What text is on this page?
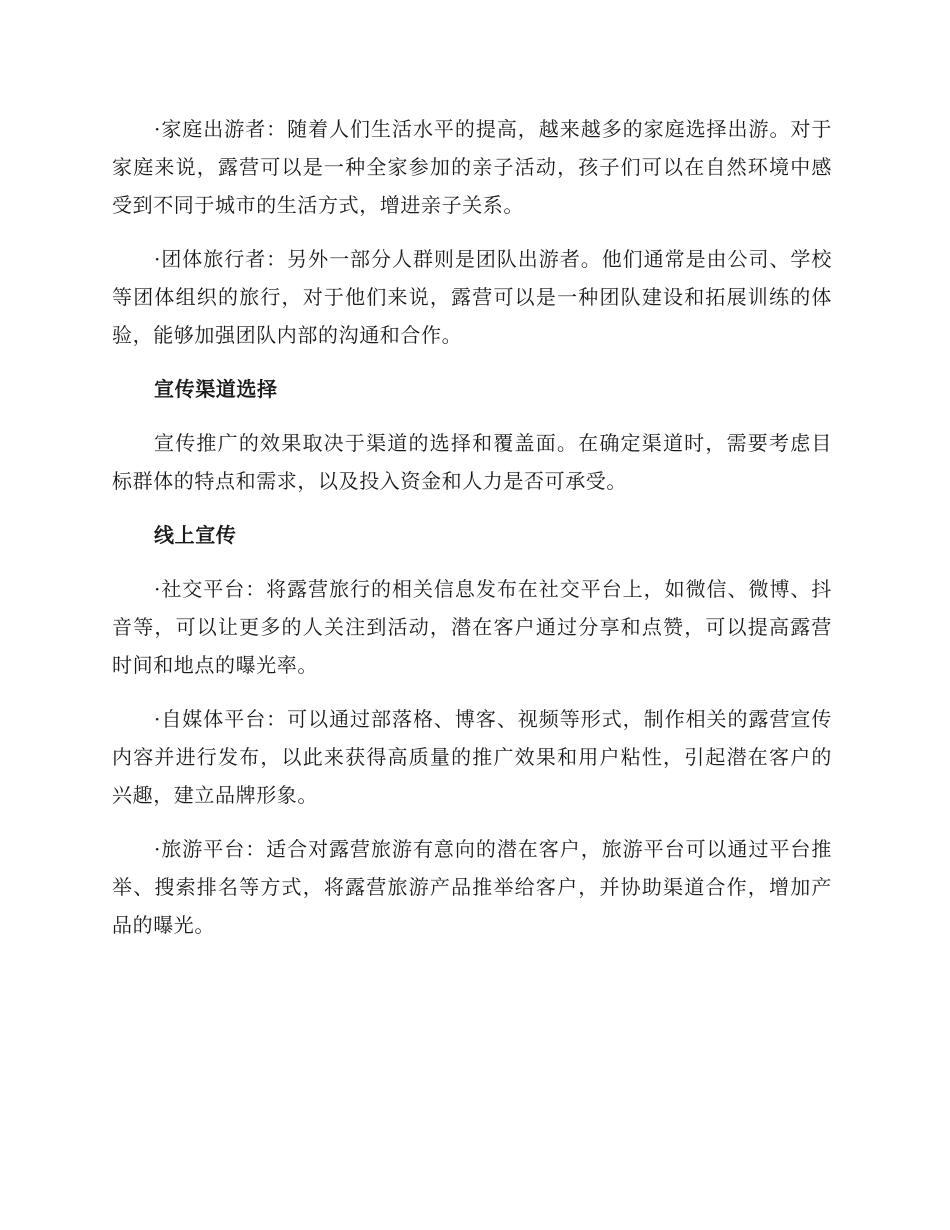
·家庭出游者：随着人们生活水平的提高，越来越多的家庭选择出游。对于家庭来说，露营可以是一种全家参加的亲子活动，孩子们可以在自然环境中感受到不同于城市的生活方式，增进亲子关系。

·团体旅行者：另外一部分人群则是团队出游者。他们通常是由公司、学校等团体组织的旅行，对于他们来说，露营可以是一种团队建设和拓展训练的体验，能够加强团队内部的沟通和合作。

宣传渠道选择

宣传推广的效果取决于渠道的选择和覆盖面。在确定渠道时，需要考虑目标群体的特点和需求，以及投入资金和人力是否可承受。

线上宣传

·社交平台：将露营旅行的相关信息发布在社交平台上，如微信、微博、抖音等，可以让更多的人关注到活动，潜在客户通过分享和点赞，可以提高露营时间和地点的曝光率。

·自媒体平台：可以通过部落格、博客、视频等形式，制作相关的露营宣传内容并进行发布，以此来获得高质量的推广效果和用户粘性，引起潜在客户的兴趣，建立品牌形象。

·旅游平台：适合对露营旅游有意向的潜在客户，旅游平台可以通过平台推举、搜索排名等方式，将露营旅游产品推举给客户，并协助渠道合作，增加产品的曝光。
